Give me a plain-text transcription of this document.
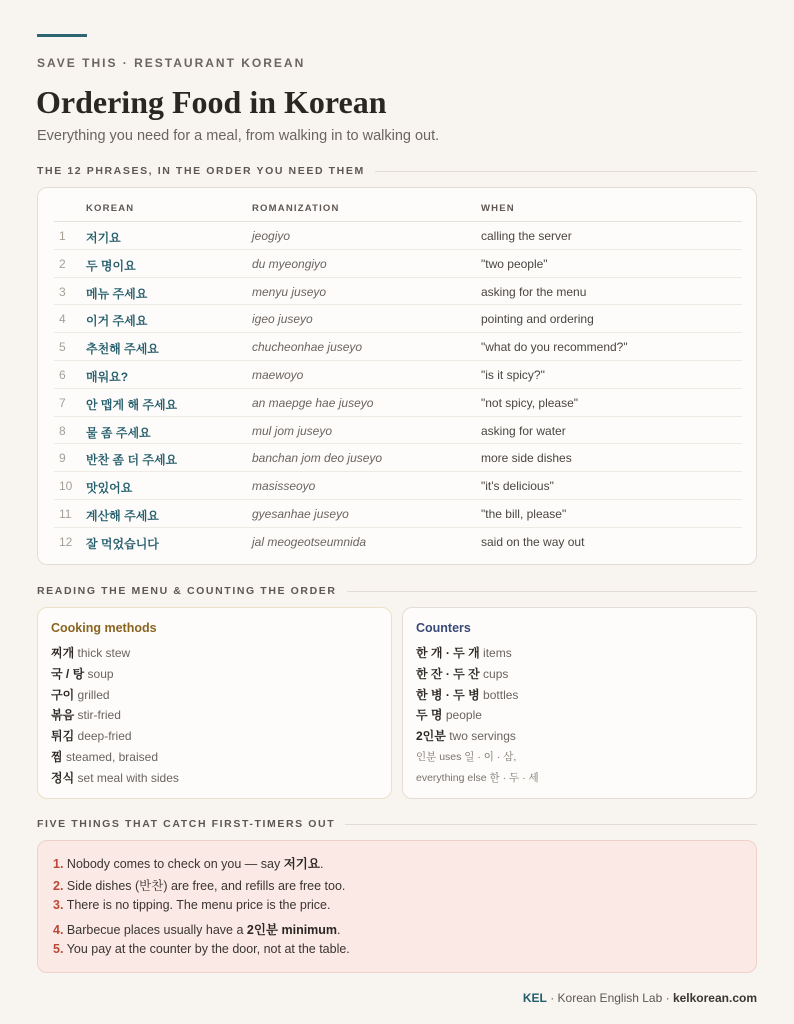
SAVE THIS · RESTAURANT KOREAN
Ordering Food in Korean
Everything you need for a meal, from walking in to walking out.
THE 12 PHRASES, IN THE ORDER YOU NEED THEM
KOREAN	ROMANIZATION	WHEN
1 저기요	jeogiyo	calling the server
2 두 명이요	du myeongiyo	"two people"
3 메뉴 주세요	menyu juseyo	asking for the menu
4 이거 주세요	igeo juseyo	pointing and ordering
5 추천해 주세요	chucheonhae juseyo	"what do you recommend?"
6 매워요?	maewoyo	"is it spicy?"
7 안 맵게 해 주세요	an maepge hae juseyo	"not spicy, please"
8 물 좀 주세요	mul jom juseyo	asking for water
9 반찬 좀 더 주세요	banchan jom deo juseyo	more side dishes
10 맛있어요	masisseoyo	"it's delicious"
11 계산해 주세요	gyesanhae juseyo	"the bill, please"
12 잘 먹었습니다	jal meogeotseumnida	said on the way out
READING THE MENU & COUNTING THE ORDER
Cooking methods
찌개 thick stew
국 / 탕 soup
구이 grilled
볶음 stir-fried
튀김 deep-fried
찜 steamed, braised
정식 set meal with sides
Counters
한 개 · 두 개 items
한 잔 · 두 잔 cups
한 병 · 두 병 bottles
두 명 people
2인분 two servings
인분 uses 일 · 이 · 삼,
everything else 한 · 두 · 세
FIVE THINGS THAT CATCH FIRST-TIMERS OUT
1. Nobody comes to check on you — say 저기요.
2. Side dishes (반찬) are free, and refills are free too.
3. There is no tipping. The menu price is the price.
4. Barbecue places usually have a 2인분 minimum.
5. You pay at the counter by the door, not at the table.
KEL · Korean English Lab · kelkorean.com
